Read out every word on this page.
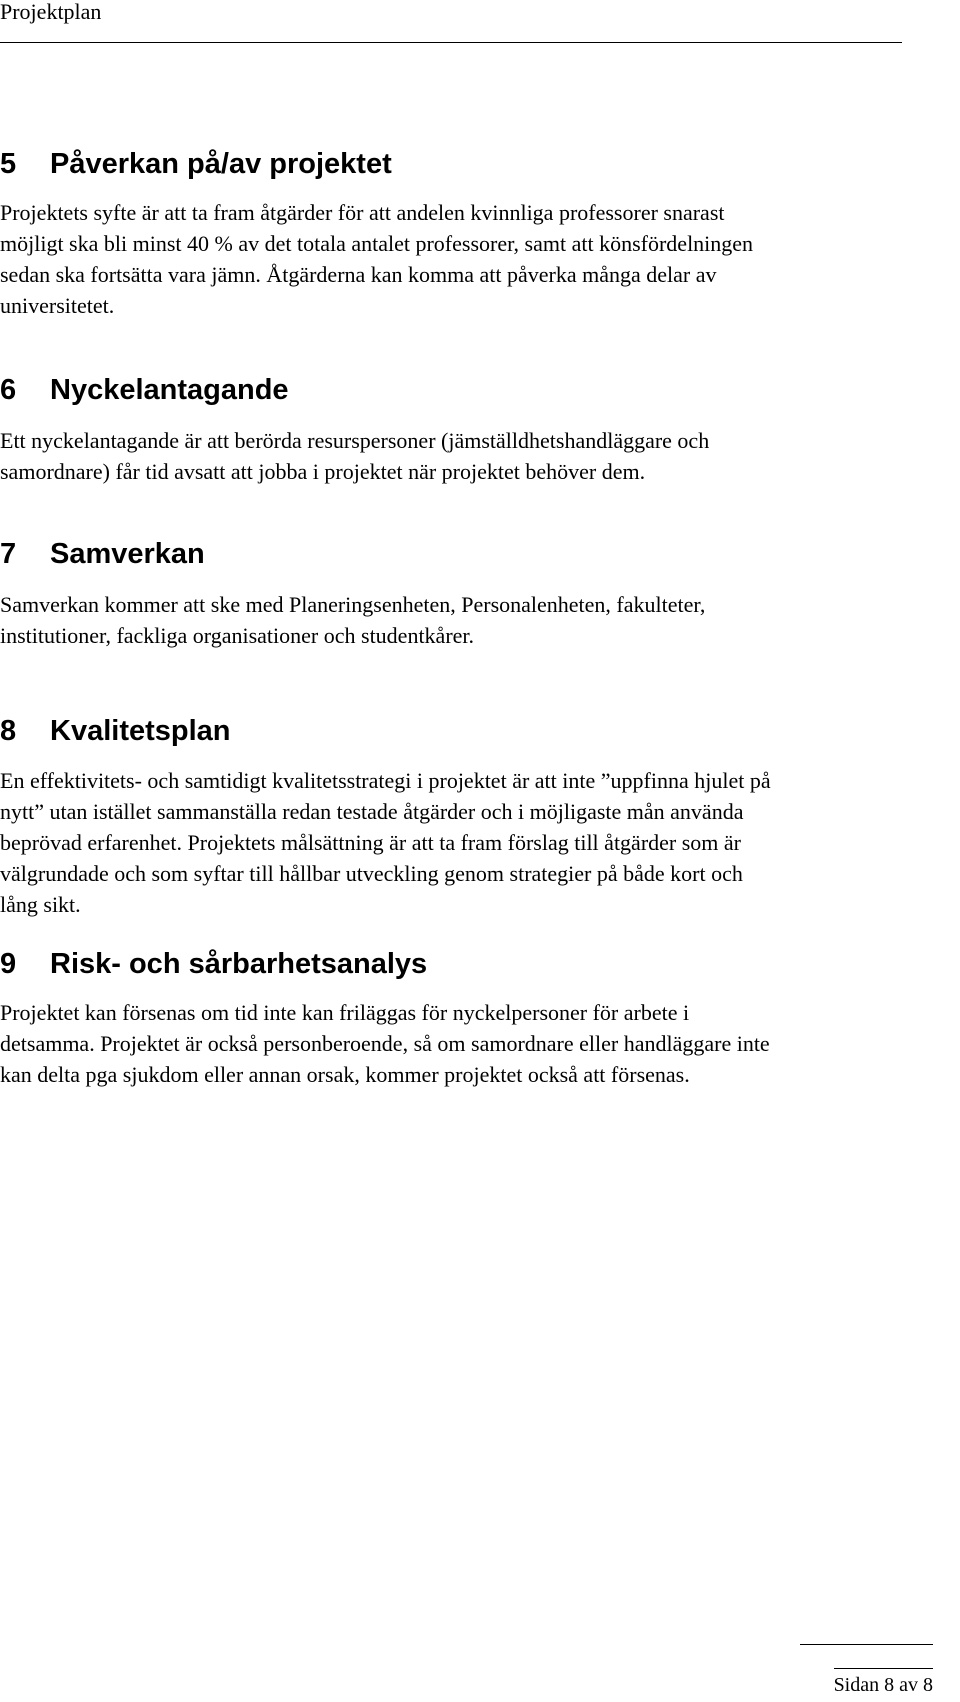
Projektplan
5 Påverkan på/av projektet

Projektets syfte är att ta fram åtgärder för att andelen kvinnliga professorer snarast
möjligt ska bli minst 40 % av det totala antalet professorer, samt att könsfördelningen
sedan ska fortsätta vara jämn. Åtgärderna kan komma att påverka många delar av
universitetet.

6 Nyckelantagande

Ett nyckelantagande är att berörda resurspersoner (jämställdhetshandläggare och
samordnare) får tid avsatt att jobba i projektet när projektet behöver dem.

7 Samverkan

Samverkan kommer att ske med Planeringsenheten, Personalenheten, fakulteter,
institutioner, fackliga organisationer och studentkårer.

8 Kvalitetsplan

En effektivitets- och samtidigt kvalitetsstrategi i projektet är att inte ”uppfinna hjulet på
nytt” utan istället sammanställa redan testade åtgärder och i möjligaste mån använda
beprövad erfarenhet. Projektets målsättning är att ta fram förslag till åtgärder som är
välgrundade och som syftar till hållbar utveckling genom strategier på både kort och
lång sikt.

9 Risk- och sårbarhetsanalys

Projektet kan försenas om tid inte kan friläggas för nyckelpersoner för arbete i
detsamma. Projektet är också personberoende, så om samordnare eller handläggare inte
kan delta pga sjukdom eller annan orsak, kommer projektet också att försenas.

Sidan 8 av 8
